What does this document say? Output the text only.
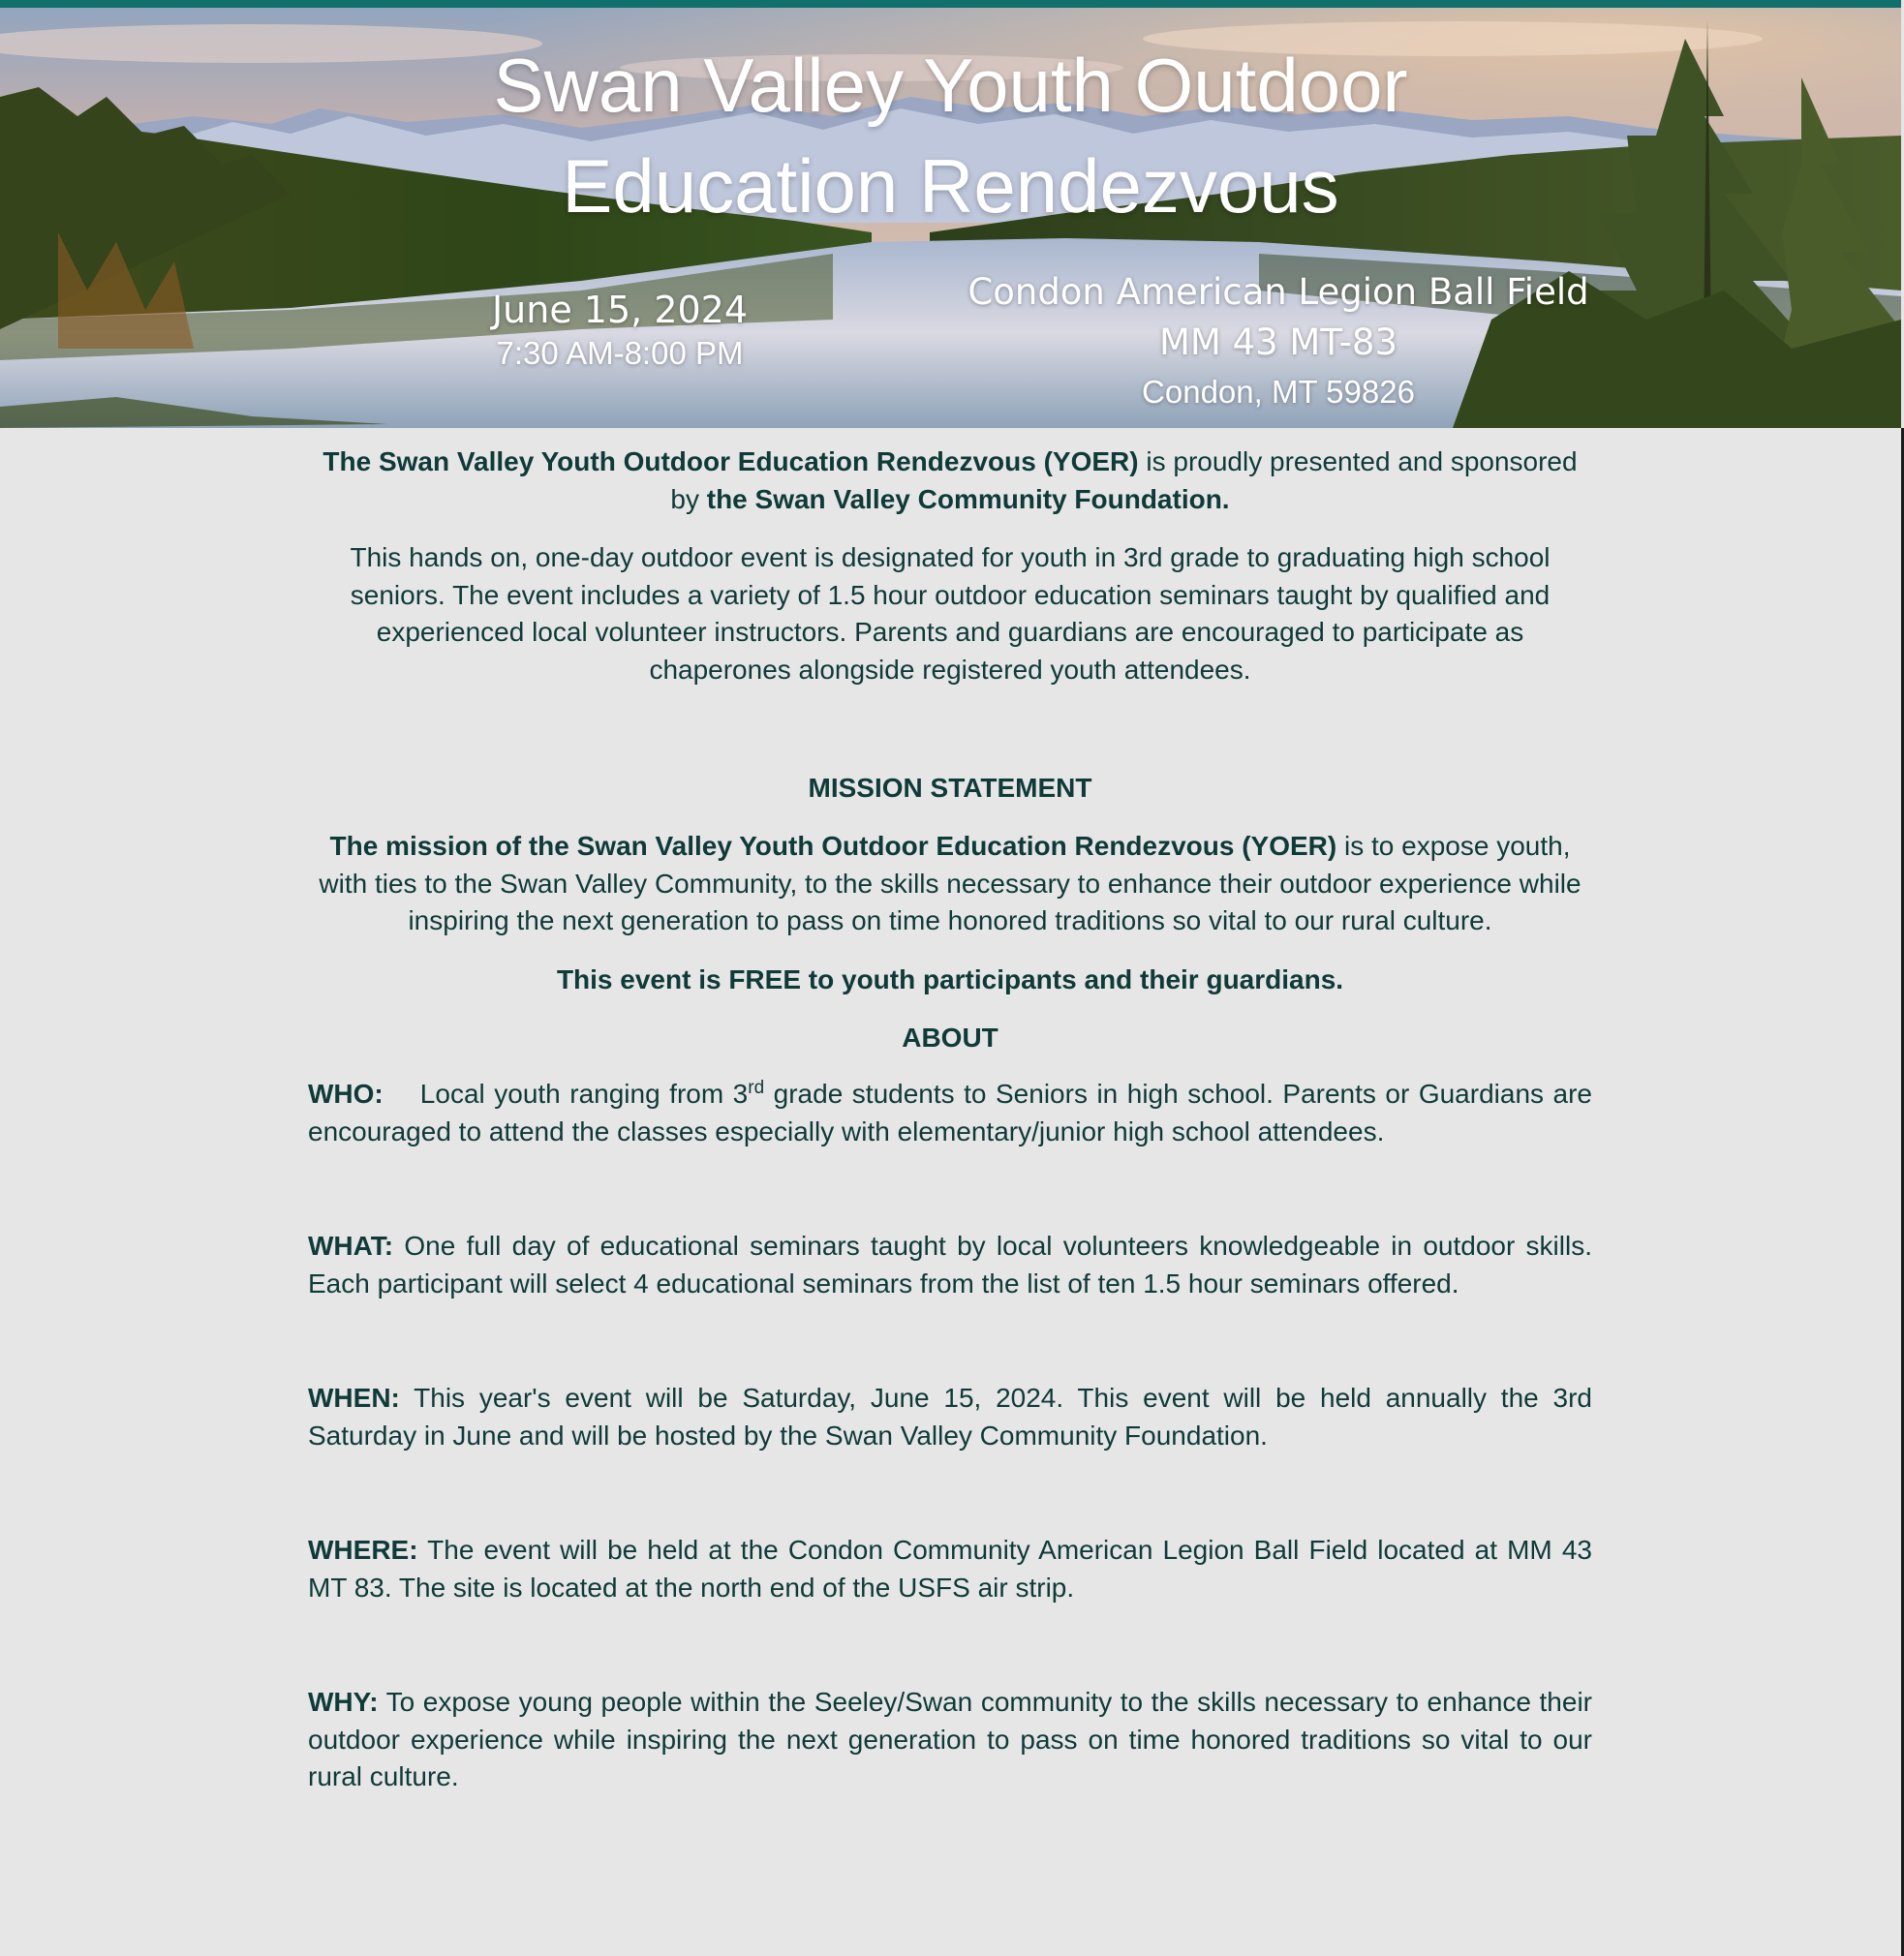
Swan Valley Youth Outdoor
Education Rendezvous
June 15, 2024
7:30 AM-8:00 PM
Condon American Legion Ball Field
MM 43 MT-83
Condon, MT 59826

The Swan Valley Youth Outdoor Education Rendezvous (YOER) is proudly presented and sponsored by the Swan Valley Community Foundation.

This hands on, one-day outdoor event is designated for youth in 3rd grade to graduating high school seniors. The event includes a variety of 1.5 hour outdoor education seminars taught by qualified and experienced local volunteer instructors. Parents and guardians are encouraged to participate as chaperones alongside registered youth attendees.

MISSION STATEMENT

The mission of the Swan Valley Youth Outdoor Education Rendezvous (YOER) is to expose youth, with ties to the Swan Valley Community, to the skills necessary to enhance their outdoor experience while inspiring the next generation to pass on time honored traditions so vital to our rural culture.

This event is FREE to youth participants and their guardians.

ABOUT

WHO:    Local youth ranging from 3rd grade students to Seniors in high school. Parents or Guardians are encouraged to attend the classes especially with elementary/junior high school attendees.

WHAT: One full day of educational seminars taught by local volunteers knowledgeable in outdoor skills. Each participant will select 4 educational seminars from the list of ten 1.5 hour seminars offered.

WHEN: This year's event will be Saturday, June 15, 2024. This event will be held annually the 3rd Saturday in June and will be hosted by the Swan Valley Community Foundation.

WHERE: The event will be held at the Condon Community American Legion Ball Field located at MM 43 MT 83. The site is located at the north end of the USFS air strip.

WHY: To expose young people within the Seeley/Swan community to the skills necessary to enhance their outdoor experience while inspiring the next generation to pass on time honored traditions so vital to our rural culture.
